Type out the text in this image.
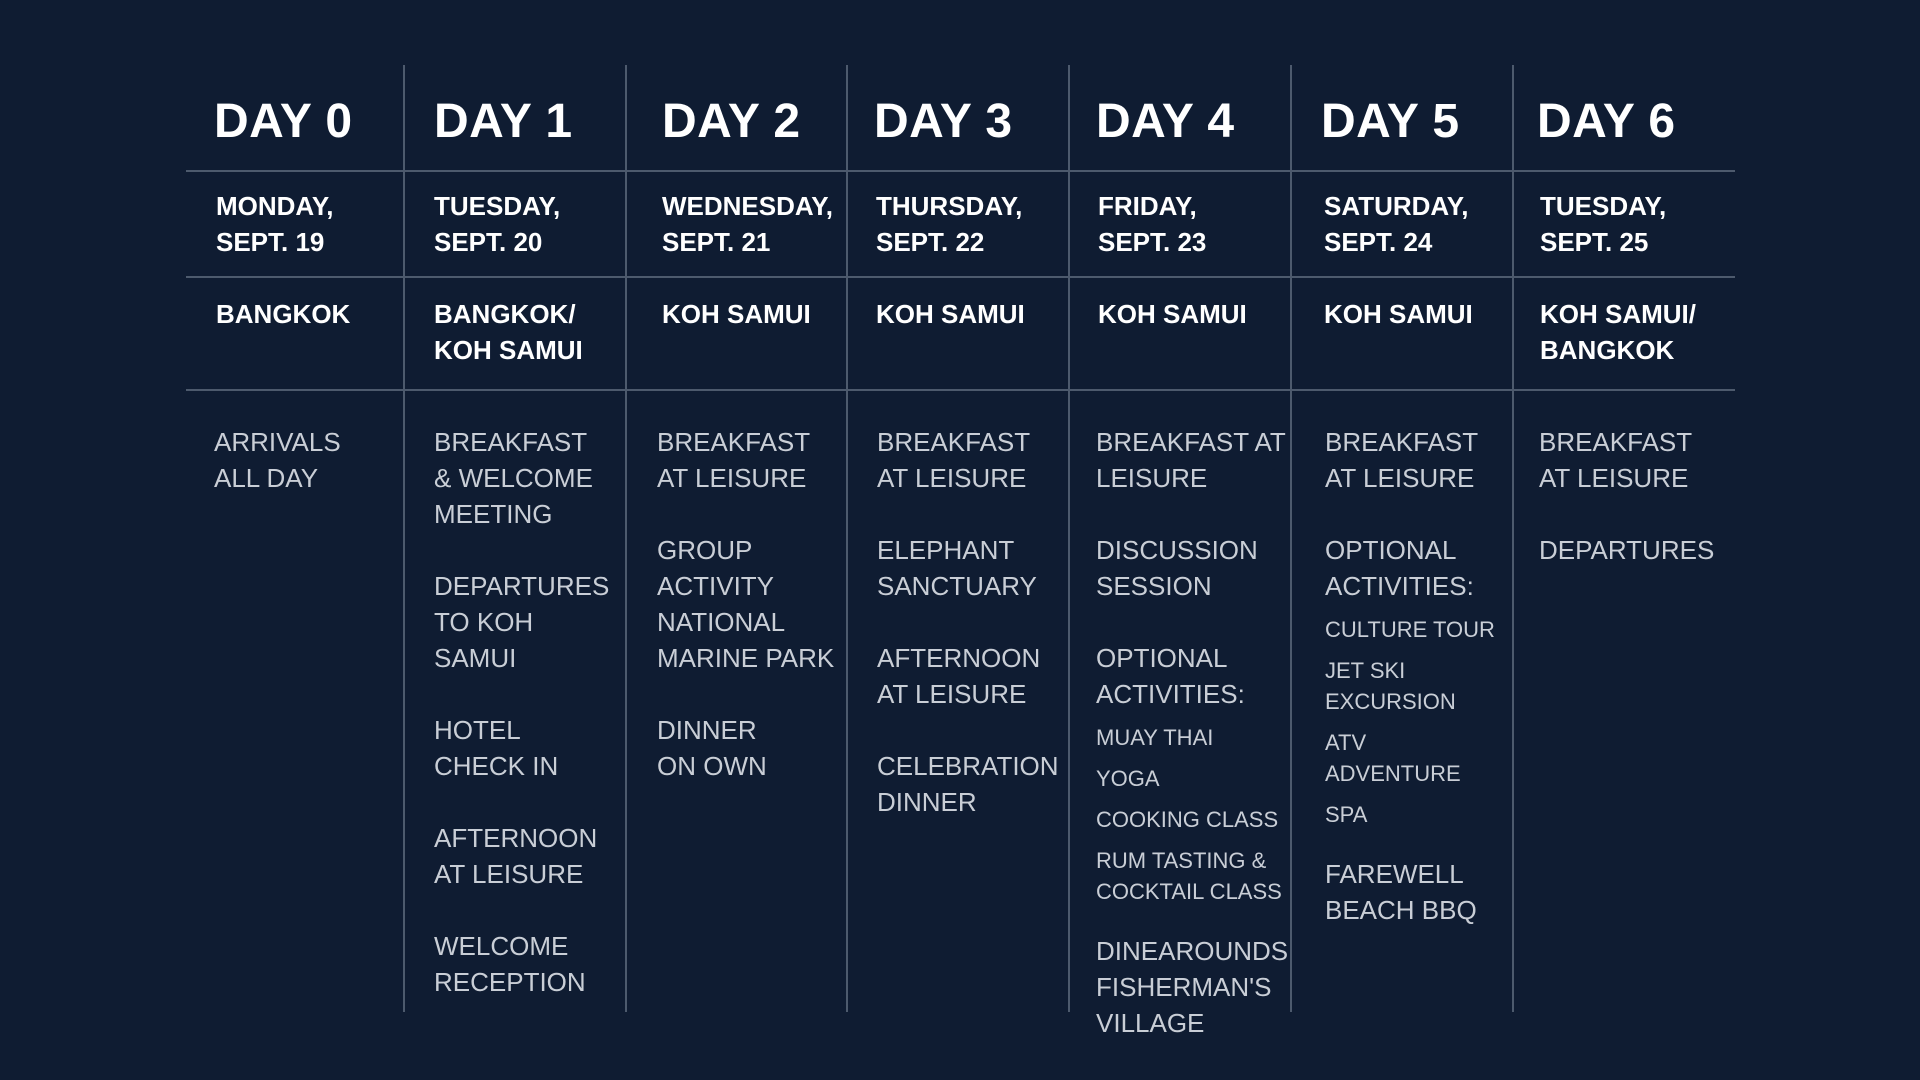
DAY 0
MONDAY,
SEPT. 19
BANGKOK
ARRIVALS
ALL DAY
DAY 1
TUESDAY,
SEPT. 20
BANGKOK/
KOH SAMUI
BREAKFAST
& WELCOME
MEETING
DEPARTURES
TO KOH
SAMUI
HOTEL
CHECK IN
AFTERNOON
AT LEISURE
WELCOME
RECEPTION
DAY 2
WEDNESDAY,
SEPT. 21
KOH SAMUI
BREAKFAST
AT LEISURE
GROUP
ACTIVITY
NATIONAL
MARINE PARK
DINNER
ON OWN
DAY 3
THURSDAY,
SEPT. 22
KOH SAMUI
BREAKFAST
AT LEISURE
ELEPHANT
SANCTUARY
AFTERNOON
AT LEISURE
CELEBRATION
DINNER
DAY 4
FRIDAY,
SEPT. 23
KOH SAMUI
BREAKFAST AT
LEISURE
DISCUSSION
SESSION
OPTIONAL
ACTIVITIES:
MUAY THAI
YOGA
COOKING CLASS
RUM TASTING &
COCKTAIL CLASS
DINEAROUNDS
FISHERMAN'S
VILLAGE
DAY 5
SATURDAY,
SEPT. 24
KOH SAMUI
BREAKFAST
AT LEISURE
OPTIONAL
ACTIVITIES:
CULTURE TOUR
JET SKI
EXCURSION
ATV
ADVENTURE
SPA
FAREWELL
BEACH BBQ
DAY 6
TUESDAY,
SEPT. 25
KOH SAMUI/
BANGKOK
BREAKFAST
AT LEISURE
DEPARTURES
